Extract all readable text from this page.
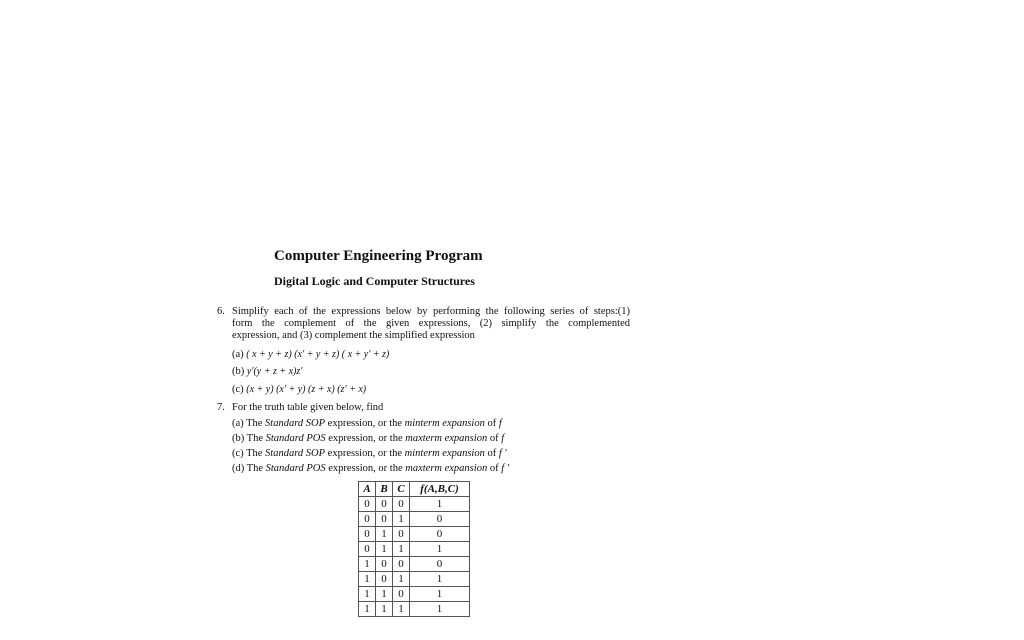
Computer Engineering Program
Digital Logic and Computer Structures
6. Simplify each of the expressions below by performing the following series of steps:(1)
form the complement of the given expressions, (2) simplify the complemented
expression, and (3) complement the simplified expression
(a) ( x + y + z) (x' + y + z) ( x + y' + z)
(b) y'(y + z + x)z'
(c) (x + y) (x' + y) (z + x) (z' + x)
7. For the truth table given below, find
(a) The Standard SOP expression, or the minterm expansion of f
(b) The Standard POS expression, or the maxterm expansion of f
(c) The Standard SOP expression, or the minterm expansion of f '
(d) The Standard POS expression, or the maxterm expansion of f '
A	B	C	f(A,B,C)
0	0	0	1
0	0	1	0
0	1	0	0
0	1	1	1
1	0	0	0
1	0	1	1
1	1	0	1
1	1	1	1
